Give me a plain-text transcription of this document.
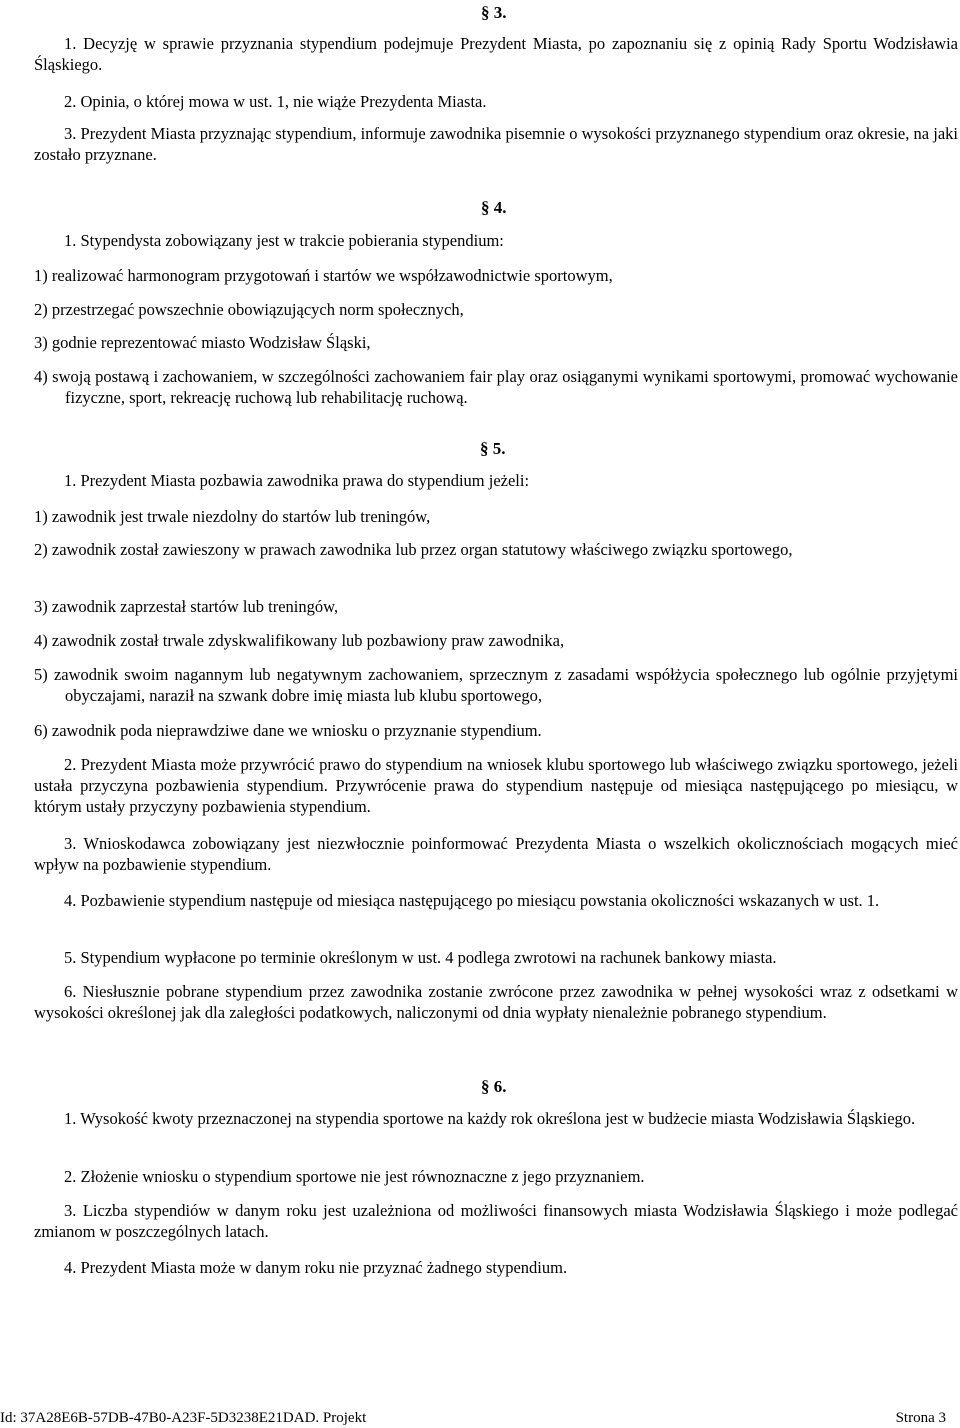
§ 3.
1. Decyzję w sprawie przyznania stypendium podejmuje Prezydent Miasta, po zapoznaniu się z opinią Rady Sportu Wodzisławia Śląskiego.
2. Opinia, o której mowa w ust. 1, nie wiąże Prezydenta Miasta.
3. Prezydent Miasta przyznając stypendium, informuje zawodnika pisemnie o wysokości przyznanego stypendium oraz okresie, na jaki zostało przyznane.
§ 4.
1. Stypendysta zobowiązany jest w trakcie pobierania stypendium:
1) realizować harmonogram przygotowań i startów we współzawodnictwie sportowym,
2) przestrzegać powszechnie obowiązujących norm społecznych,
3) godnie reprezentować miasto Wodzisław Śląski,
4) swoją postawą i zachowaniem, w szczególności zachowaniem fair play oraz osiąganymi wynikami sportowymi, promować wychowanie fizyczne, sport, rekreację ruchową lub rehabilitację ruchową.
§ 5.
1. Prezydent Miasta pozbawia zawodnika prawa do stypendium jeżeli:
1) zawodnik jest trwale niezdolny do startów lub treningów,
2) zawodnik został zawieszony w prawach zawodnika lub przez organ statutowy właściwego związku sportowego,
3) zawodnik zaprzestał startów lub treningów,
4) zawodnik został trwale zdyskwalifikowany lub pozbawiony praw zawodnika,
5) zawodnik swoim nagannym lub negatywnym zachowaniem, sprzecznym z zasadami współżycia społecznego lub ogólnie przyjętymi obyczajami, naraził na szwank dobre imię miasta lub klubu sportowego,
6) zawodnik poda nieprawdziwe dane we wniosku o przyznanie stypendium.
2. Prezydent Miasta może przywrócić prawo do stypendium na wniosek klubu sportowego lub właściwego związku sportowego, jeżeli ustała przyczyna pozbawienia stypendium. Przywrócenie prawa do stypendium następuje od miesiąca następującego po miesiącu, w którym ustały przyczyny pozbawienia stypendium.
3. Wnioskodawca zobowiązany jest niezwłocznie poinformować Prezydenta Miasta o wszelkich okolicznościach mogących mieć wpływ na pozbawienie stypendium.
4. Pozbawienie stypendium następuje od miesiąca następującego po miesiącu powstania okoliczności wskazanych w ust. 1.
5. Stypendium wypłacone po terminie określonym w ust. 4 podlega zwrotowi na rachunek bankowy miasta.
6. Niesłusznie pobrane stypendium przez zawodnika zostanie zwrócone przez zawodnika w pełnej wysokości wraz z odsetkami w wysokości określonej jak dla zaległości podatkowych, naliczonymi od dnia wypłaty nienależnie pobranego stypendium.
§ 6.
1. Wysokość kwoty przeznaczonej na stypendia sportowe na każdy rok określona jest w budżecie miasta Wodzisławia Śląskiego.
2. Złożenie wniosku o stypendium sportowe nie jest równoznaczne z jego przyznaniem.
3. Liczba stypendiów w danym roku jest uzależniona od możliwości finansowych miasta Wodzisławia Śląskiego i może podlegać zmianom w poszczególnych latach.
4. Prezydent Miasta może w danym roku nie przyznać żadnego stypendium.
Id: 37A28E6B-57DB-47B0-A23F-5D3238E21DAD. Projekt	Strona 3
